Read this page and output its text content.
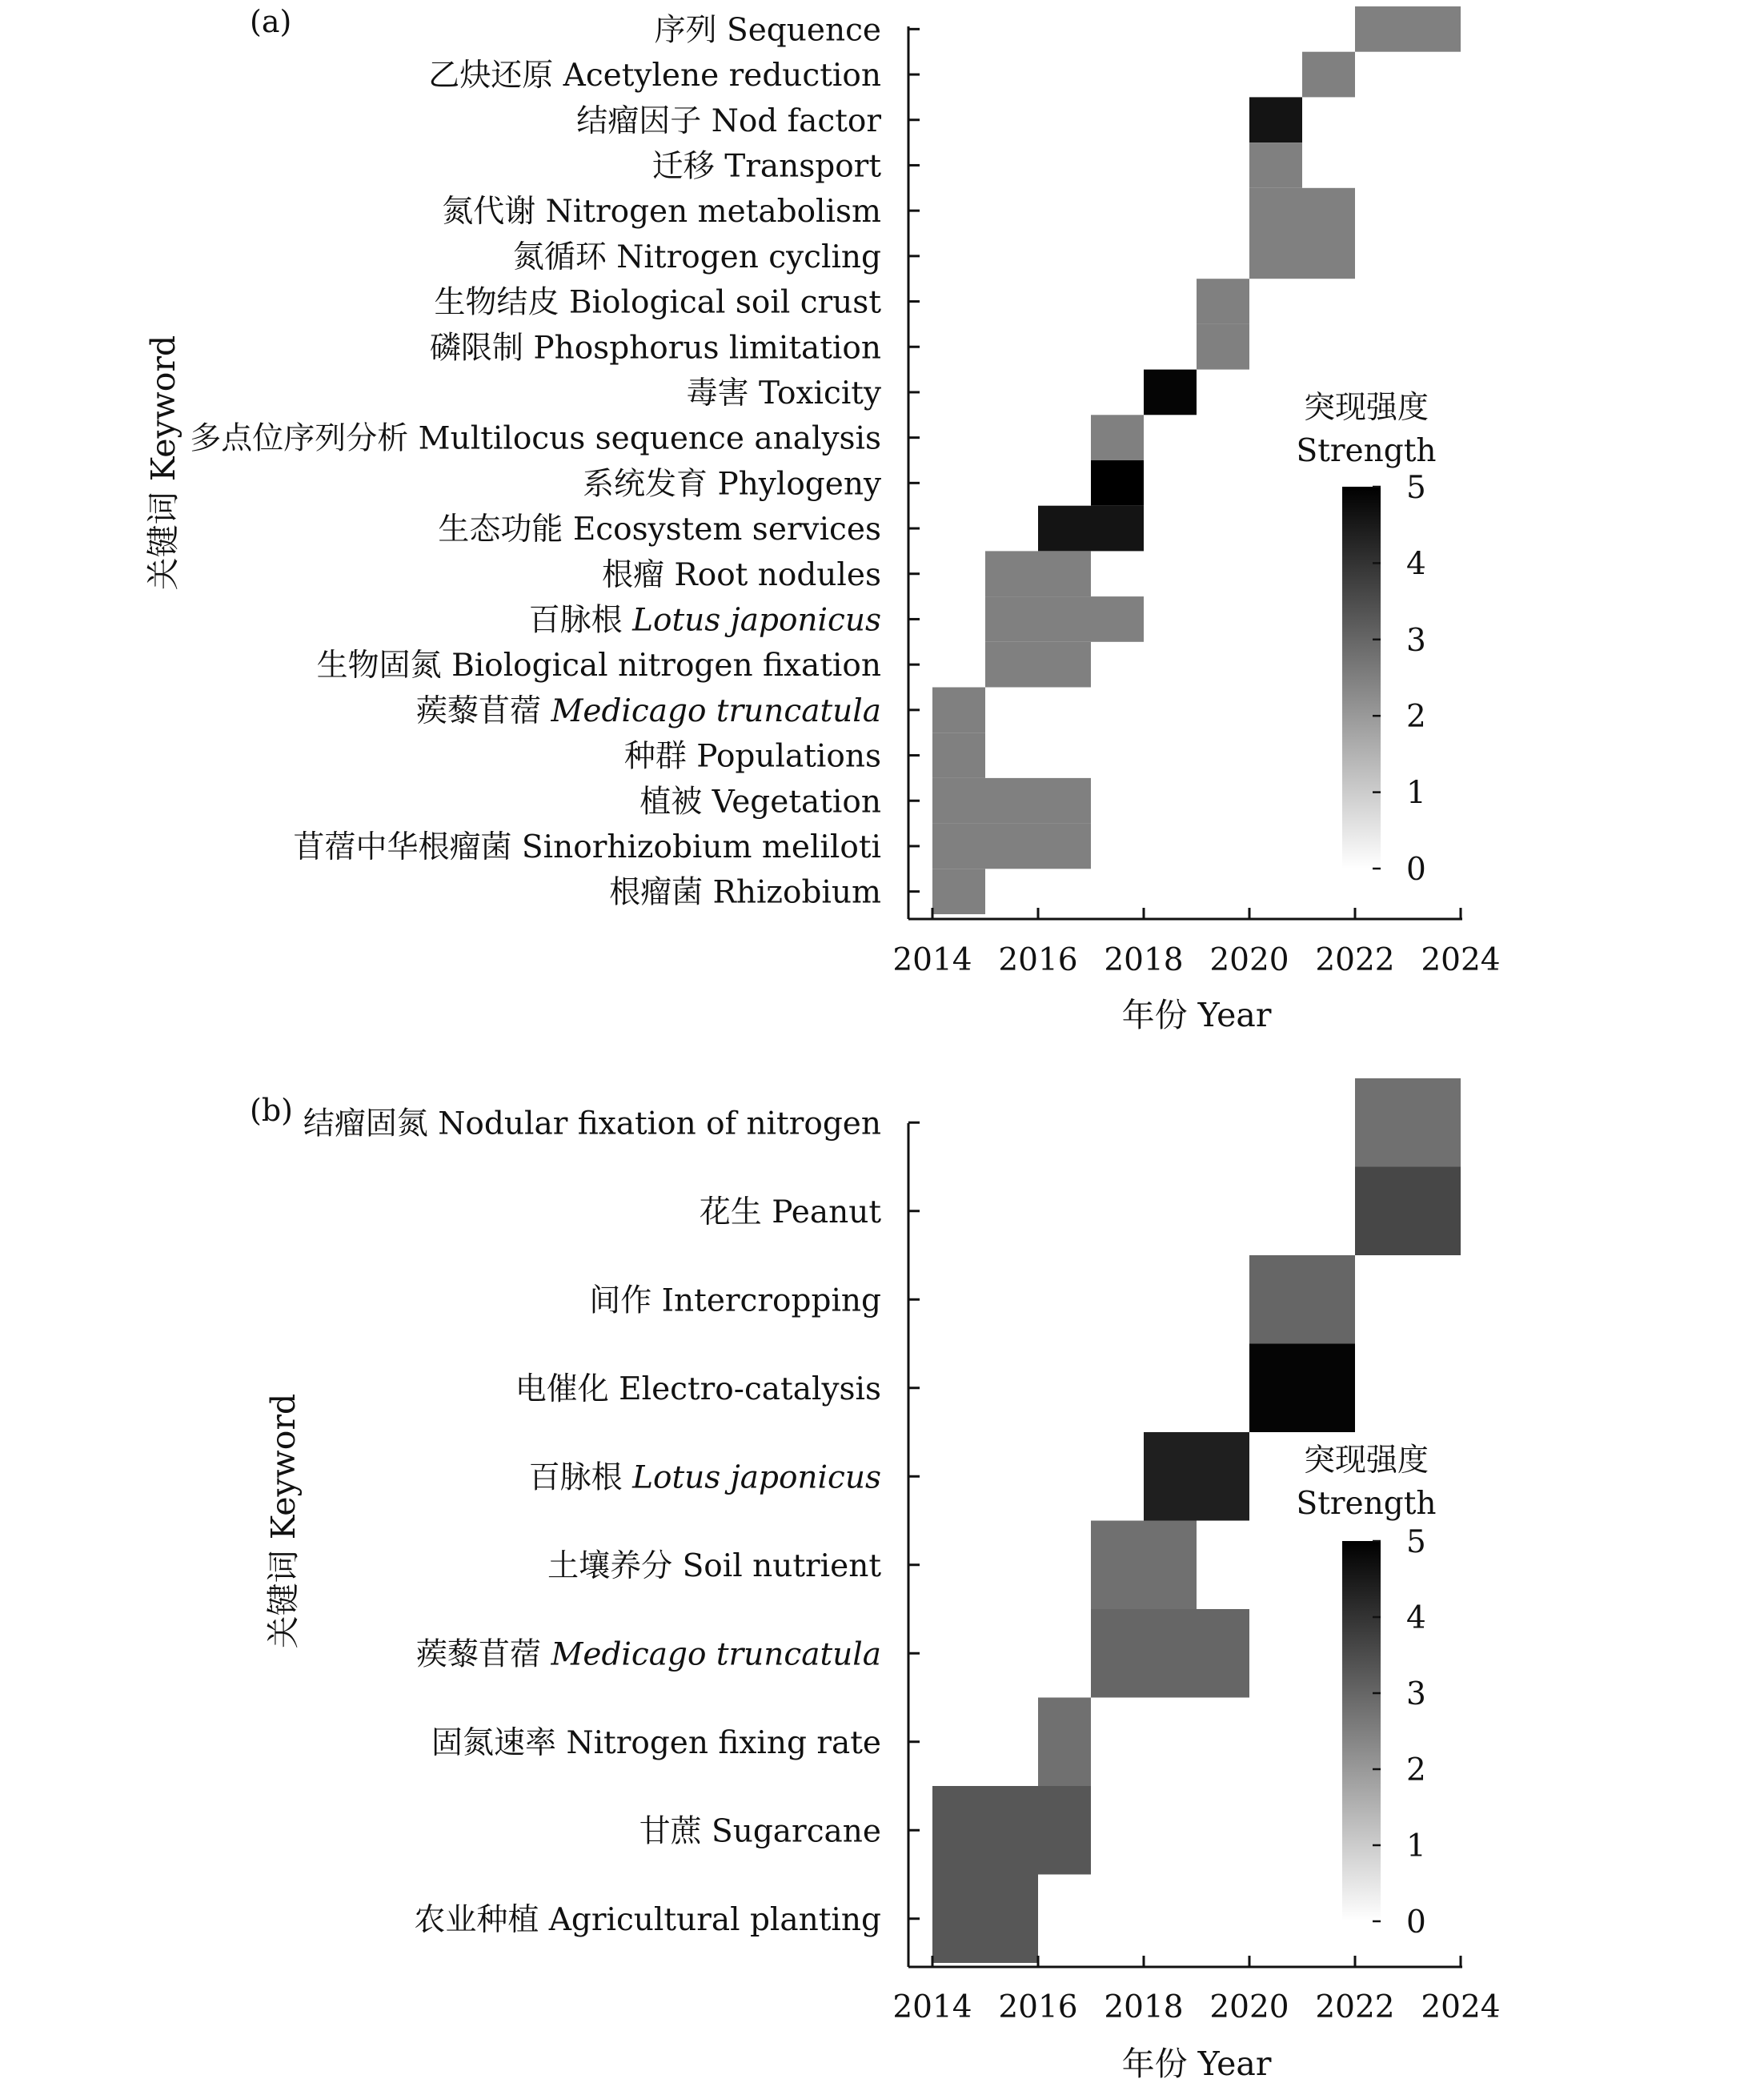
(a)	序列 Sequence
乙炔还原 Acetylene reduction
结瘤因子 Nod factor
迁移 Transport
氮代谢 Nitrogen metabolism
氮循环 Nitrogen cycling
生物结皮 Biological soil crust
磷限制 Phosphorus limitation
毒害 Toxicity
多点位序列分析 Multilocus sequence analysis
系统发育 Phylogeny
生态功能 Ecosystem services
根瘤 Root nodules
百脉根 Lotus japonicus
生物固氮 Biological nitrogen fixation
蒺藜苜蓿 Medicago truncatula
种群 Populations
植被 Vegetation
苜蓿中华根瘤菌 Sinorhizobium meliloti
根瘤菌 Rhizobium
2014 2016 2018 2020 2022 2024
年份 Year
关键词 Keyword	突现强度
Strength
0
1
2
3
4
5
(b) 结瘤固氮 Nodular fixation of nitrogen
花生 Peanut
间作 Intercropping
电催化 Electro-catalysis
百脉根 Lotus japonicus
土壤养分 Soil nutrient
蒺藜苜蓿 Medicago truncatula
固氮速率 Nitrogen fixing rate
甘蔗 Sugarcane
农业种植 Agricultural planting
2014 2016 2018 2020 2022 2024
年份 Year
关键词 Keyword	突现强度
Strength
0
1
2
3
4
5
